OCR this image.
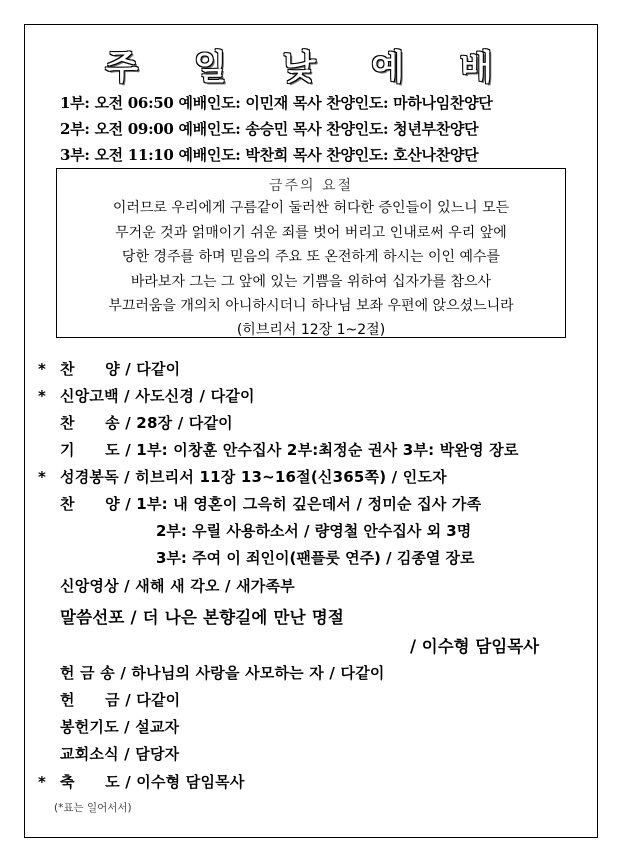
주 일 낮 예 배
1부: 오전 06:50 예배인도: 이민재 목사 찬양인도: 마하나임찬양단
2부: 오전 09:00 예배인도: 송승민 목사 찬양인도: 청년부찬양단
3부: 오전 11:10 예배인도: 박찬희 목사 찬양인도: 호산나찬양단
금주의 요절
이러므로 우리에게 구름같이 둘러싼 허다한 증인들이 있느니 모든
무거운 것과 얽매이기 쉬운 죄를 벗어 버리고 인내로써 우리 앞에
당한 경주를 하며 믿음의 주요 또 온전하게 하시는 이인 예수를
바라보자 그는 그 앞에 있는 기쁨을 위하여 십자가를 참으사
부끄러움을 개의치 아니하시더니 하나님 보좌 우편에 앉으셨느니라
(히브리서 12장 1~2절)
* 찬　　양 / 다같이
* 신앙고백 / 사도신경 / 다같이
찬　　송 / 28장 / 다같이
기　　도 / 1부: 이창훈 안수집사 2부:최정순 권사 3부: 박완영 장로
* 성경봉독 / 히브리서 11장 13~16절(신365쪽) / 인도자
찬　　양 / 1부: 내 영혼이 그윽히 깊은데서 / 정미순 집사 가족
2부: 우릴 사용하소서 / 량영철 안수집사 외 3명
3부: 주여 이 죄인이(팬플룻 연주) / 김종열 장로
신앙영상 / 새해 새 각오 / 새가족부
말씀선포 / 더 나은 본향길에 만난 명절
/ 이수형 담임목사
헌 금 송 / 하나님의 사랑을 사모하는 자 / 다같이
헌　　금 / 다같이
봉헌기도 / 설교자
교회소식 / 담당자
* 축　　도 / 이수형 담임목사
(*표는 일어서서)
